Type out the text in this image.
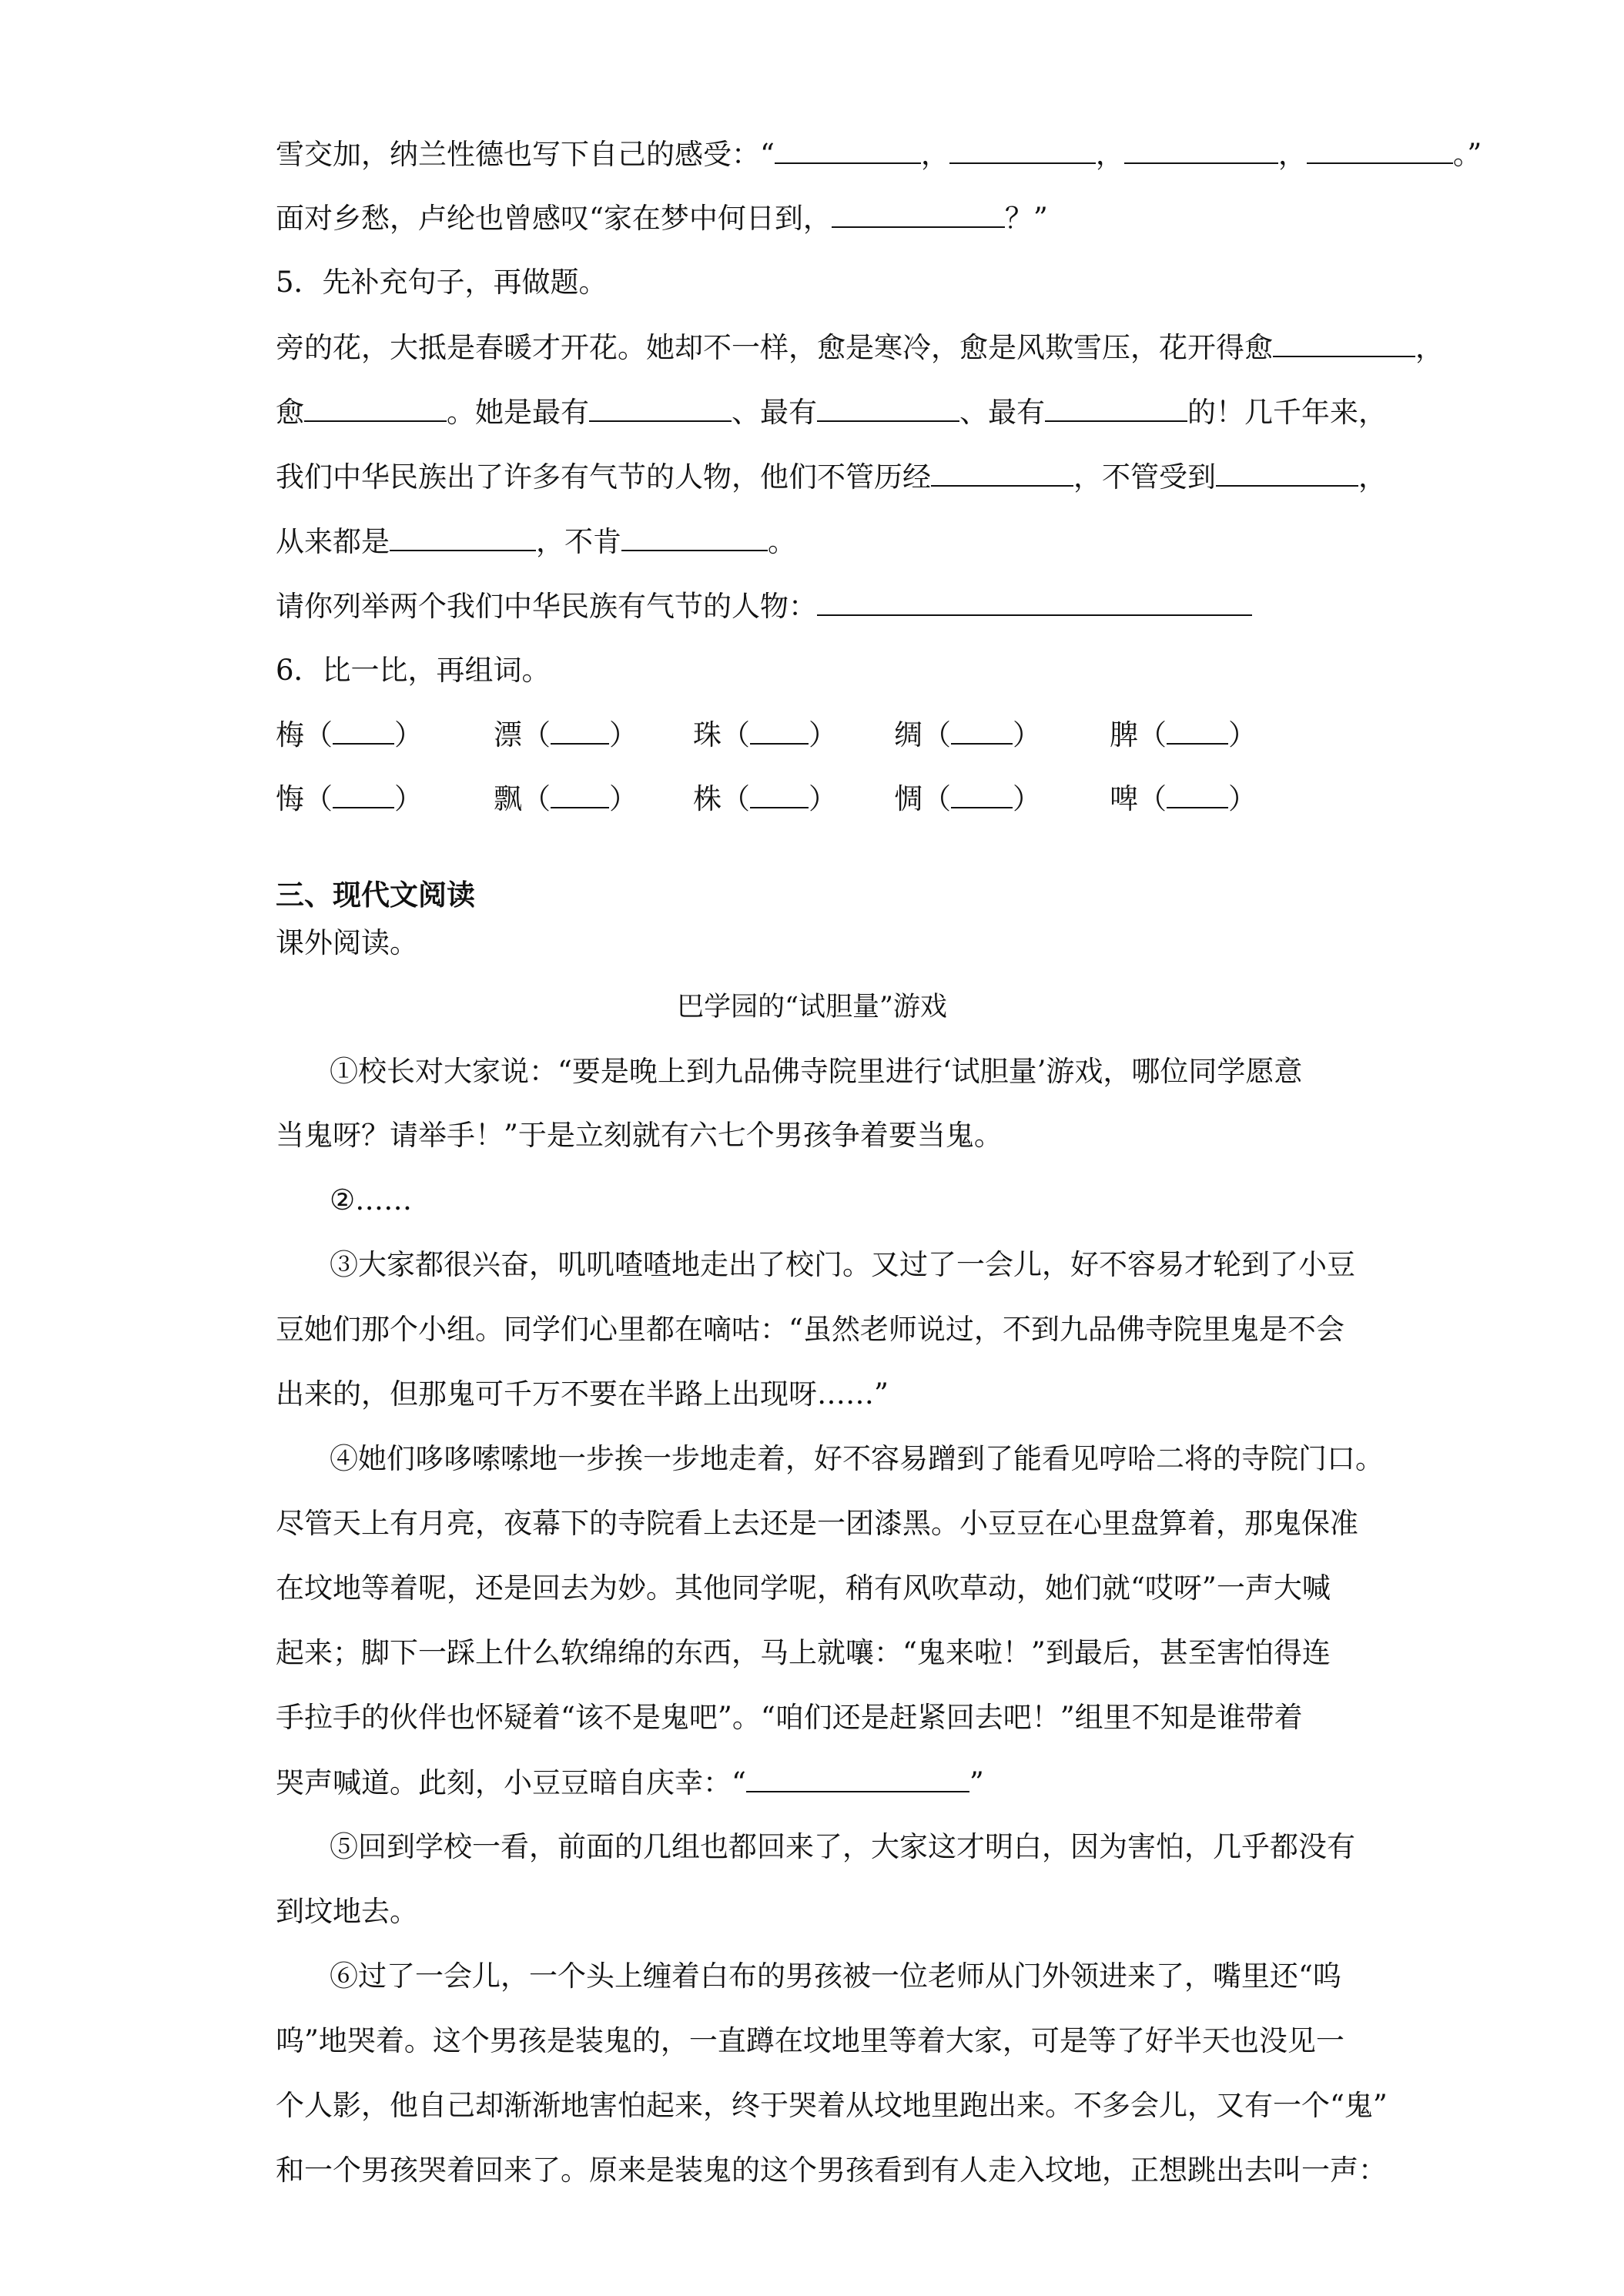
雪交加，纳兰性德也写下自己的感受：“	，	，	，	。”

面对乡愁，卢纶也曾感叹“家在梦中何日到，	？”

5．先补充句子，再做题。

旁的花，大抵是春暖才开花。她却不一样，愈是寒冷，愈是风欺雪压，花开得愈	，

愈	。她是最有	、最有	、最有	的！几千年来，

我们中华民族出了许多有气节的人物，他们不管历经	，不管受到	，

从来都是	，不肯	。

请你列举两个我们中华民族有气节的人物：

6．比一比，再组词。

梅（ ） 漂（ ） 珠（ ） 绸（ ） 脾（ ）
悔（ ） 飘（ ） 株（ ） 惆（ ） 啤（ ）

三、现代文阅读

课外阅读。

巴学园的“试胆量”游戏

①校长对大家说：“要是晚上到九品佛寺院里进行‘试胆量’游戏，哪位同学愿意

当鬼呀？请举手！”于是立刻就有六七个男孩争着要当鬼。

②……

③大家都很兴奋，叽叽喳喳地走出了校门。又过了一会儿，好不容易才轮到了小豆

豆她们那个小组。同学们心里都在嘀咕：“虽然老师说过，不到九品佛寺院里鬼是不会

出来的，但那鬼可千万不要在半路上出现呀……”

④她们哆哆嗦嗦地一步挨一步地走着，好不容易蹭到了能看见哼哈二将的寺院门口。

尽管天上有月亮，夜幕下的寺院看上去还是一团漆黑。小豆豆在心里盘算着，那鬼保准

在坟地等着呢，还是回去为妙。其他同学呢，稍有风吹草动，她们就“哎呀”一声大喊

起来；脚下一踩上什么软绵绵的东西，马上就嚷：“鬼来啦！”到最后，甚至害怕得连

手拉手的伙伴也怀疑着“该不是鬼吧”。“咱们还是赶紧回去吧！”组里不知是谁带着

哭声喊道。此刻，小豆豆暗自庆幸：“	”

⑤回到学校一看，前面的几组也都回来了，大家这才明白，因为害怕，几乎都没有

到坟地去。

⑥过了一会儿，一个头上缠着白布的男孩被一位老师从门外领进来了，嘴里还“呜

呜”地哭着。这个男孩是装鬼的，一直蹲在坟地里等着大家，可是等了好半天也没见一

个人影，他自己却渐渐地害怕起来，终于哭着从坟地里跑出来。不多会儿，又有一个“鬼”

和一个男孩哭着回来了。原来是装鬼的这个男孩看到有人走入坟地，正想跳出去叫一声：
